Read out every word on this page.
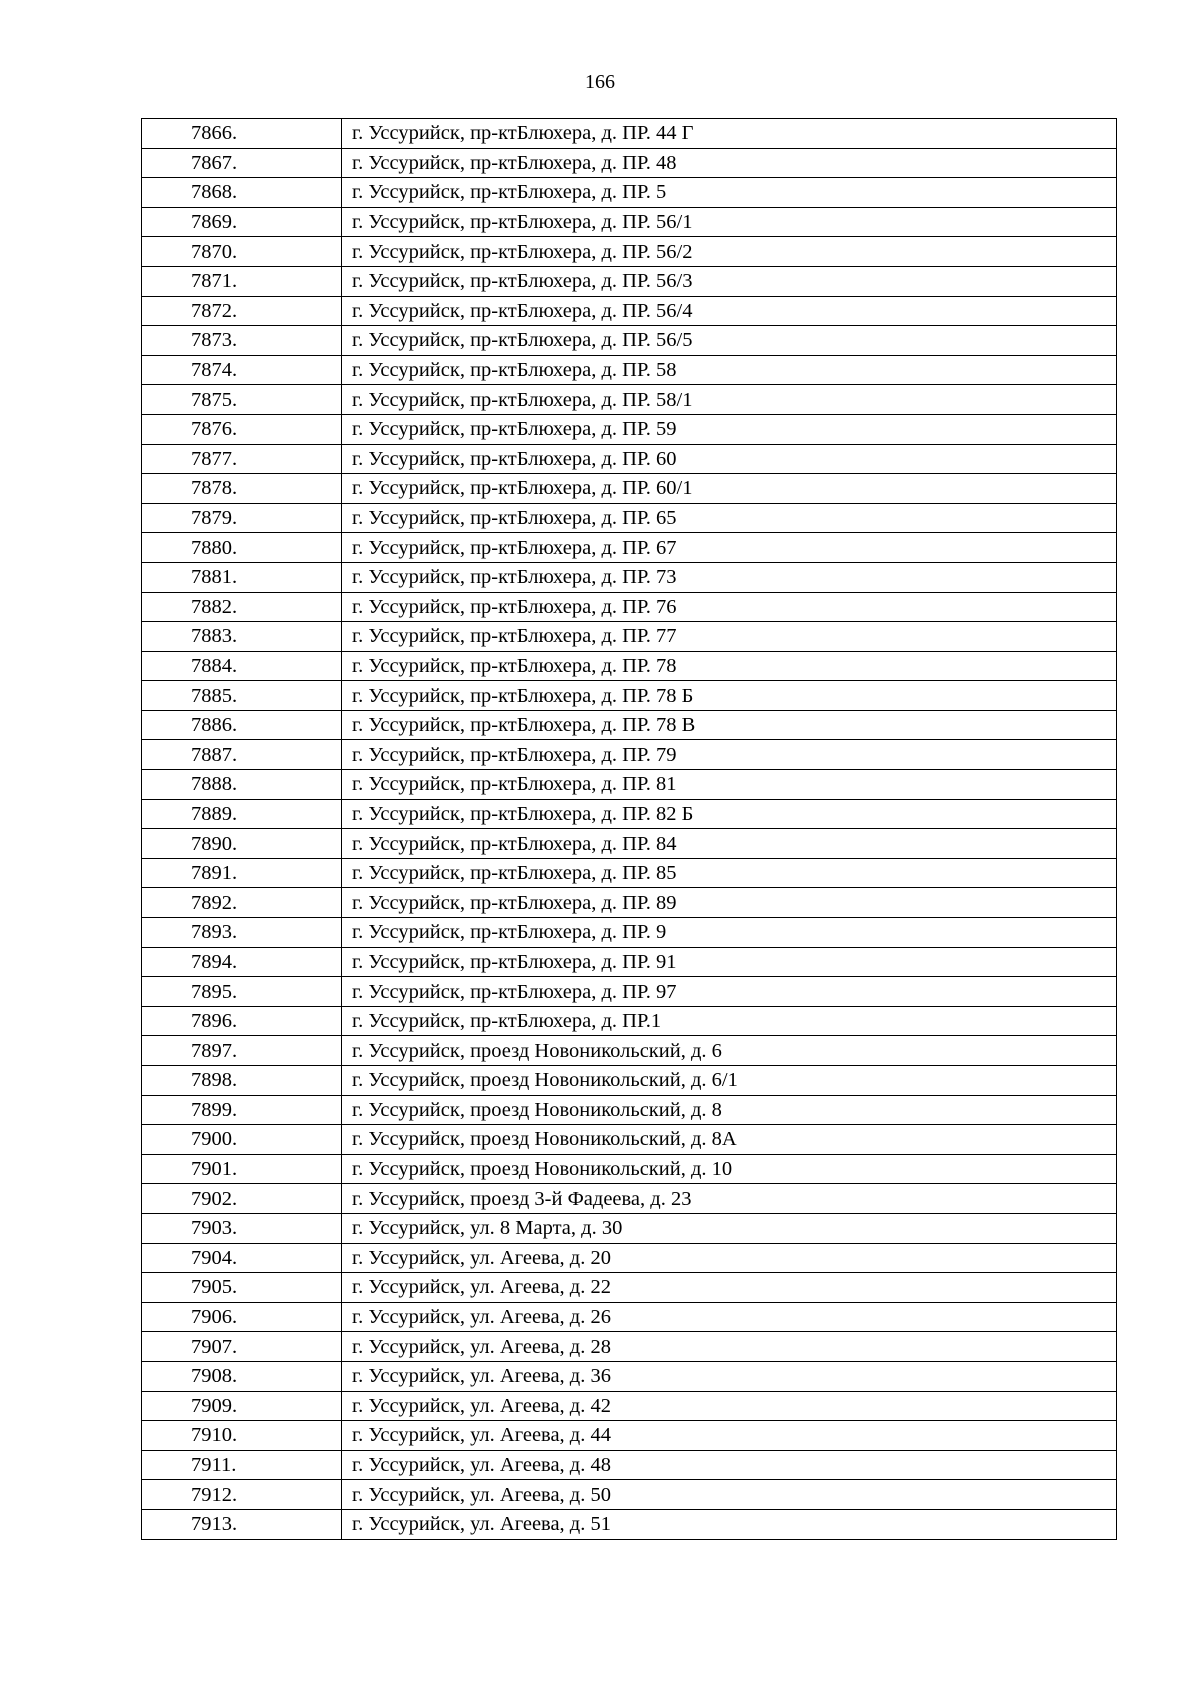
166
7866.	г. Уссурийск, пр-ктБлюхера, д. ПР. 44 Г
7867.	г. Уссурийск, пр-ктБлюхера, д. ПР. 48
7868.	г. Уссурийск, пр-ктБлюхера, д. ПР. 5
7869.	г. Уссурийск, пр-ктБлюхера, д. ПР. 56/1
7870.	г. Уссурийск, пр-ктБлюхера, д. ПР. 56/2
7871.	г. Уссурийск, пр-ктБлюхера, д. ПР. 56/3
7872.	г. Уссурийск, пр-ктБлюхера, д. ПР. 56/4
7873.	г. Уссурийск, пр-ктБлюхера, д. ПР. 56/5
7874.	г. Уссурийск, пр-ктБлюхера, д. ПР. 58
7875.	г. Уссурийск, пр-ктБлюхера, д. ПР. 58/1
7876.	г. Уссурийск, пр-ктБлюхера, д. ПР. 59
7877.	г. Уссурийск, пр-ктБлюхера, д. ПР. 60
7878.	г. Уссурийск, пр-ктБлюхера, д. ПР. 60/1
7879.	г. Уссурийск, пр-ктБлюхера, д. ПР. 65
7880.	г. Уссурийск, пр-ктБлюхера, д. ПР. 67
7881.	г. Уссурийск, пр-ктБлюхера, д. ПР. 73
7882.	г. Уссурийск, пр-ктБлюхера, д. ПР. 76
7883.	г. Уссурийск, пр-ктБлюхера, д. ПР. 77
7884.	г. Уссурийск, пр-ктБлюхера, д. ПР. 78
7885.	г. Уссурийск, пр-ктБлюхера, д. ПР. 78 Б
7886.	г. Уссурийск, пр-ктБлюхера, д. ПР. 78 В
7887.	г. Уссурийск, пр-ктБлюхера, д. ПР. 79
7888.	г. Уссурийск, пр-ктБлюхера, д. ПР. 81
7889.	г. Уссурийск, пр-ктБлюхера, д. ПР. 82 Б
7890.	г. Уссурийск, пр-ктБлюхера, д. ПР. 84
7891.	г. Уссурийск, пр-ктБлюхера, д. ПР. 85
7892.	г. Уссурийск, пр-ктБлюхера, д. ПР. 89
7893.	г. Уссурийск, пр-ктБлюхера, д. ПР. 9
7894.	г. Уссурийск, пр-ктБлюхера, д. ПР. 91
7895.	г. Уссурийск, пр-ктБлюхера, д. ПР. 97
7896.	г. Уссурийск, пр-ктБлюхера, д. ПР.1
7897.	г. Уссурийск, проезд Новоникольский, д. 6
7898.	г. Уссурийск, проезд Новоникольский, д. 6/1
7899.	г. Уссурийск, проезд Новоникольский, д. 8
7900.	г. Уссурийск, проезд Новоникольский, д. 8А
7901.	г. Уссурийск, проезд Новоникольский, д. 10
7902.	г. Уссурийск, проезд 3-й Фадеева, д. 23
7903.	г. Уссурийск, ул. 8 Марта, д. 30
7904.	г. Уссурийск, ул. Агеева, д. 20
7905.	г. Уссурийск, ул. Агеева, д. 22
7906.	г. Уссурийск, ул. Агеева, д. 26
7907.	г. Уссурийск, ул. Агеева, д. 28
7908.	г. Уссурийск, ул. Агеева, д. 36
7909.	г. Уссурийск, ул. Агеева, д. 42
7910.	г. Уссурийск, ул. Агеева, д. 44
7911.	г. Уссурийск, ул. Агеева, д. 48
7912.	г. Уссурийск, ул. Агеева, д. 50
7913.	г. Уссурийск, ул. Агеева, д. 51
